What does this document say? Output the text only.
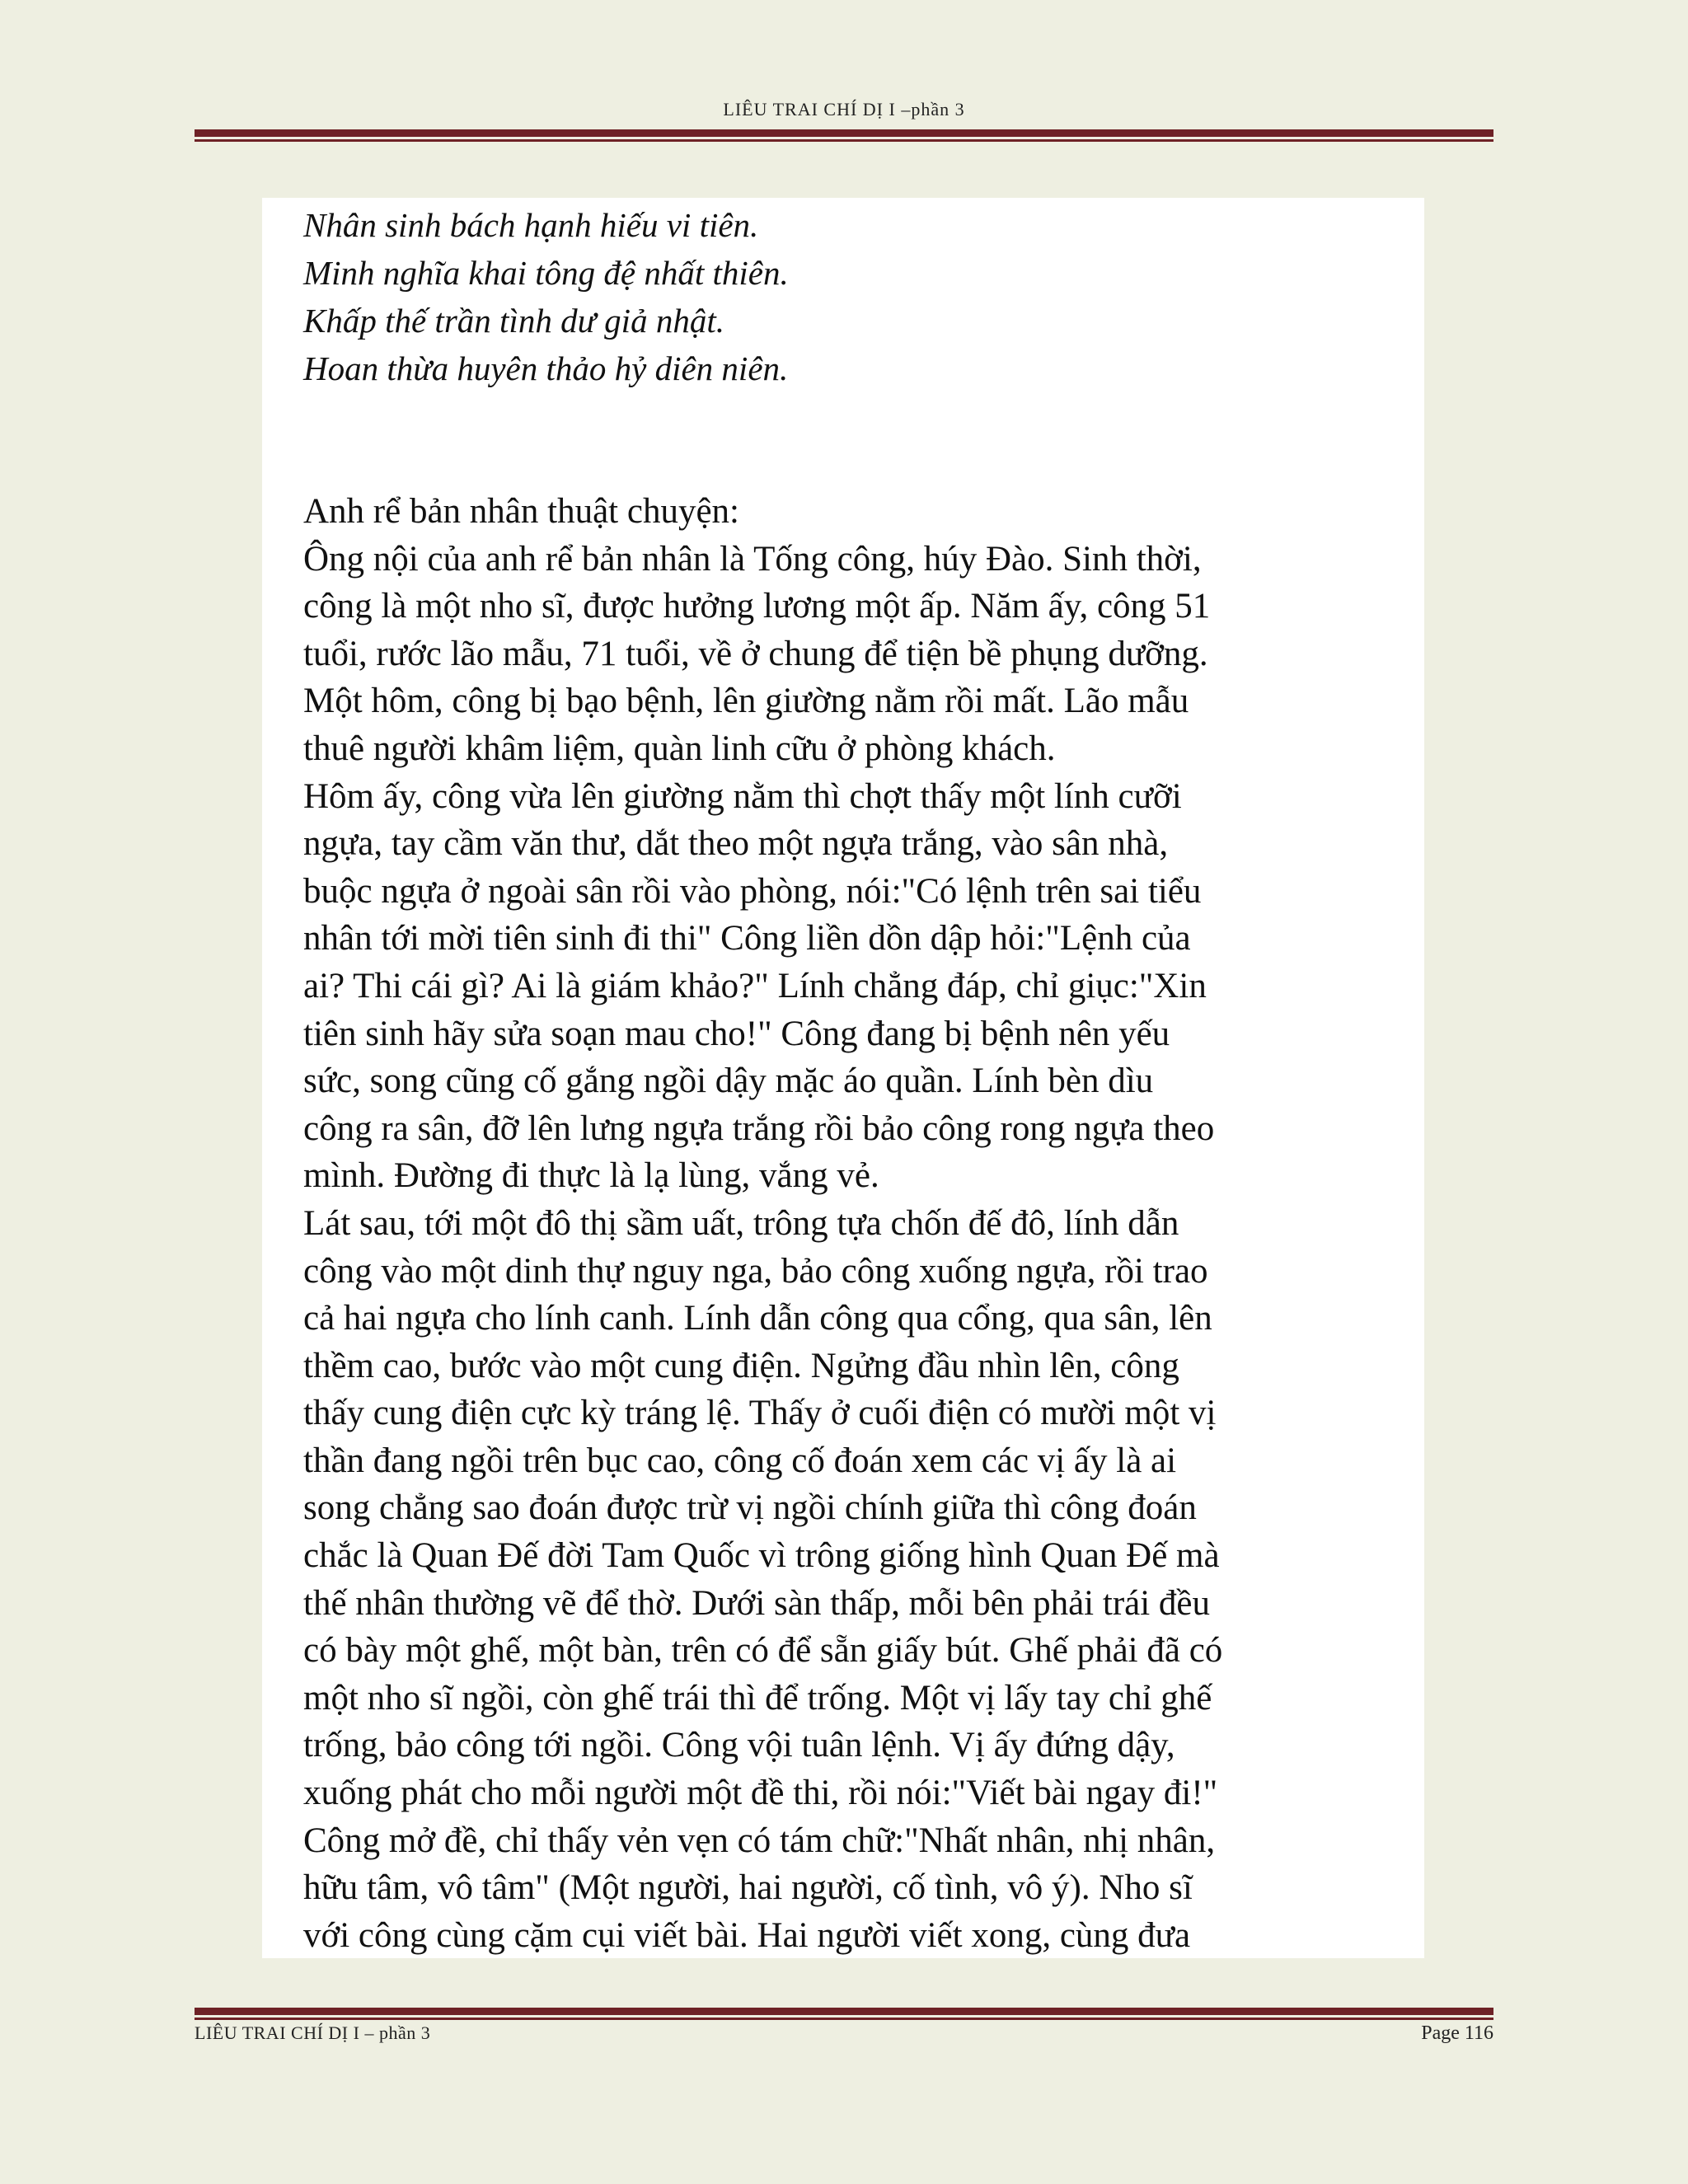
LIÊU TRAI CHÍ DỊ I –phần 3
Nhân sinh bách hạnh hiếu vi tiên.
Minh nghĩa khai tông đệ nhất thiên.
Khấp thế trần tình dư giả nhật.
Hoan thừa huyên thảo hỷ diên niên.
Anh rể bản nhân thuật chuyện:
Ông nội của anh rể bản nhân là Tống công, húy Đào. Sinh thời,
công là một nho sĩ, được hưởng lương một ấp. Năm ấy, công 51
tuổi, rước lão mẫu, 71 tuổi, về ở chung để tiện bề phụng dưỡng.
Một hôm, công bị bạo bệnh, lên giường nằm rồi mất. Lão mẫu
thuê người khâm liệm, quàn linh cữu ở phòng khách.
Hôm ấy, công vừa lên giường nằm thì chợt thấy một lính cưỡi
ngựa, tay cầm văn thư, dắt theo một ngựa trắng, vào sân nhà,
buộc ngựa ở ngoài sân rồi vào phòng, nói:"Có lệnh trên sai tiểu
nhân tới mời tiên sinh đi thi" Công liền dồn dập hỏi:"Lệnh của
ai? Thi cái gì? Ai là giám khảo?" Lính chẳng đáp, chỉ giục:"Xin
tiên sinh hãy sửa soạn mau cho!" Công đang bị bệnh nên yếu
sức, song cũng cố gắng ngồi dậy mặc áo quần. Lính bèn dìu
công ra sân, đỡ lên lưng ngựa trắng rồi bảo công rong ngựa theo
mình. Đường đi thực là lạ lùng, vắng vẻ.
Lát sau, tới một đô thị sầm uất, trông tựa chốn đế đô, lính dẫn
công vào một dinh thự nguy nga, bảo công xuống ngựa, rồi trao
cả hai ngựa cho lính canh. Lính dẫn công qua cổng, qua sân, lên
thềm cao, bước vào một cung điện. Ngửng đầu nhìn lên, công
thấy cung điện cực kỳ tráng lệ. Thấy ở cuối điện có mười một vị
thần đang ngồi trên bục cao, công cố đoán xem các vị ấy là ai
song chẳng sao đoán được trừ vị ngồi chính giữa thì công đoán
chắc là Quan Đế đời Tam Quốc vì trông giống hình Quan Đế mà
thế nhân thường vẽ để thờ. Dưới sàn thấp, mỗi bên phải trái đều
có bày một ghế, một bàn, trên có để sẵn giấy bút. Ghế phải đã có
một nho sĩ ngồi, còn ghế trái thì để trống. Một vị lấy tay chỉ ghế
trống, bảo công tới ngồi. Công vội tuân lệnh. Vị ấy đứng dậy,
xuống phát cho mỗi người một đề thi, rồi nói:"Viết bài ngay đi!"
Công mở đề, chỉ thấy vẻn vẹn có tám chữ:"Nhất nhân, nhị nhân,
hữu tâm, vô tâm" (Một người, hai người, cố tình, vô ý). Nho sĩ
với công cùng cặm cụi viết bài. Hai người viết xong, cùng đưa
LIÊU TRAI CHÍ DỊ I – phần 3	Page 116
